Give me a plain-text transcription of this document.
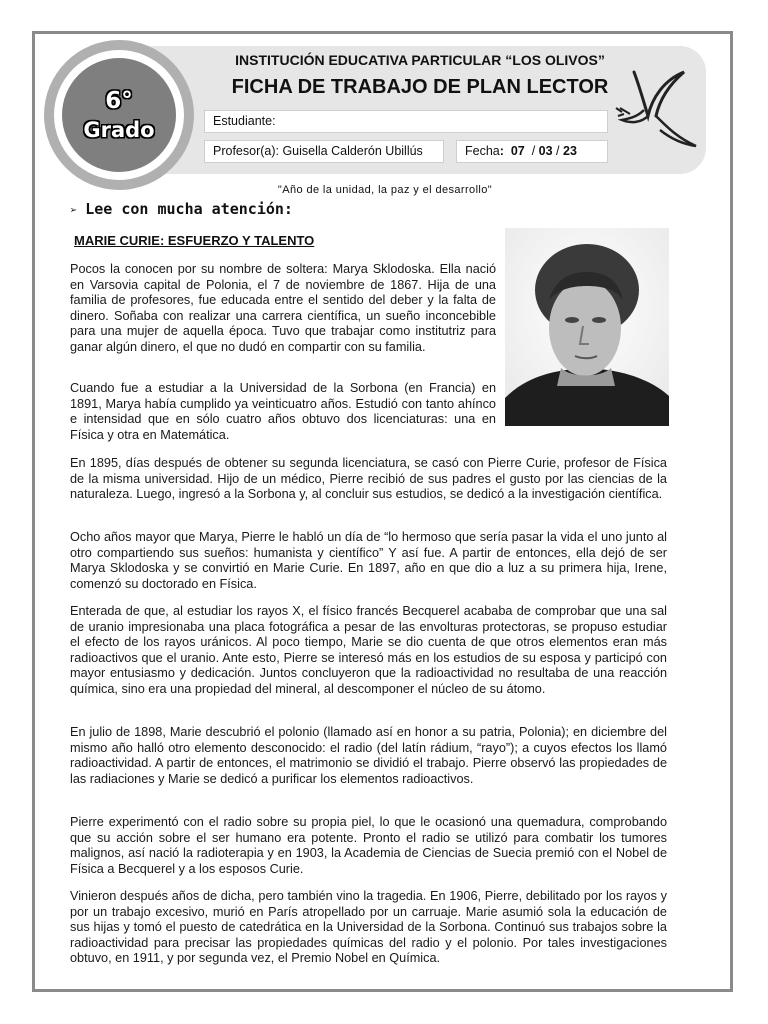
6°
Grado
INSTITUCIÓN EDUCATIVA PARTICULAR “LOS OLIVOS”
FICHA DE TRABAJO DE PLAN LECTOR
Estudiante:
Profesor(a): Guisella Calderón Ubillús	Fecha:  07  / 03 / 23
"Año de la unidad, la paz y el desarrollo"
➢ Lee con mucha atención:
MARIE CURIE: ESFUERZO Y TALENTO
Pocos la conocen por su nombre de soltera: Marya Sklodoska. Ella nació en Varsovia capital de Polonia, el 7 de noviembre de 1867. Hija de una familia de profesores, fue educada entre el sentido del deber y la falta de dinero. Soñaba con realizar una carrera científica, un sueño inconcebible para una mujer de aquella época. Tuvo que trabajar como institutriz para ganar algún dinero, el que no dudó en compartir con su familia.
Cuando fue a estudiar a la Universidad de la Sorbona (en Francia) en 1891, Marya había cumplido ya veinticuatro años. Estudió con tanto ahínco e intensidad que en sólo cuatro años obtuvo dos licenciaturas: una en Física y otra en Matemática.
En 1895, días después de obtener su segunda licenciatura, se casó con Pierre Curie, profesor de Física de la misma universidad. Hijo de un médico, Pierre recibió de sus padres el gusto por las ciencias de la naturaleza. Luego, ingresó a la Sorbona y, al concluir sus estudios, se dedicó a la investigación científica.
Ocho años mayor que Marya, Pierre le habló un día de “lo hermoso que sería pasar la vida el uno junto al otro compartiendo sus sueños: humanista y científico” Y así fue. A partir de entonces, ella dejó de ser Marya Sklodoska y se convirtió en Marie Curie. En 1897, año en que dio a luz a su primera hija, Irene, comenzó su doctorado en Física.
Enterada de que, al estudiar los rayos X, el físico francés Becquerel acababa de comprobar que una sal de uranio impresionaba una placa fotográfica a pesar de las envolturas protectoras, se propuso estudiar el efecto de los rayos uránicos. Al poco tiempo, Marie se dio cuenta de que otros elementos eran más radioactivos que el uranio. Ante esto, Pierre se interesó más en los estudios de su esposa y participó con mayor entusiasmo y dedicación. Juntos concluyeron que la radioactividad no resultaba de una reacción química, sino era una propiedad del mineral, al descomponer el núcleo de su átomo.
En julio de 1898, Marie descubrió el polonio (llamado así en honor a su patria, Polonia); en diciembre del mismo año halló otro elemento desconocido: el radio (del latín rádium, “rayo”); a cuyos efectos los llamó radioactividad. A partir de entonces, el matrimonio se dividió el trabajo. Pierre observó las propiedades de las radiaciones y Marie se dedicó a purificar los elementos radioactivos.
Pierre experimentó con el radio sobre su propia piel, lo que le ocasionó una quemadura, comprobando que su acción sobre el ser humano era potente. Pronto el radio se utilizó para combatir los tumores malignos, así nació la radioterapia y en 1903, la Academia de Ciencias de Suecia premió con el Nobel de Física a Becquerel y a los esposos Curie.
Vinieron después años de dicha, pero también vino la tragedia. En 1906, Pierre, debilitado por los rayos y por un trabajo excesivo, murió en París atropellado por un carruaje. Marie asumió sola la educación de sus hijas y tomó el puesto de catedrática en la Universidad de la Sorbona. Continuó sus trabajos sobre la radioactividad para precisar las propiedades químicas del radio y el polonio. Por tales investigaciones obtuvo, en 1911, y por segunda vez, el Premio Nobel en Química.
